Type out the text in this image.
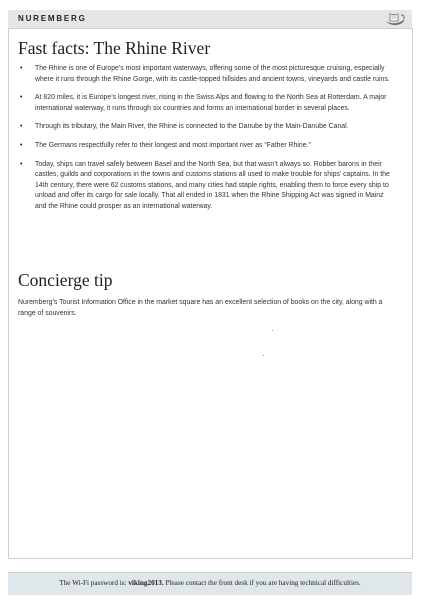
NUREMBERG
Fast facts: The Rhine River
• The Rhine is one of Europe’s most important waterways, offering some of the most picturesque cruising, especially where it runs through the Rhine Gorge, with its castle-topped hillsides and ancient towns, vineyards and castle ruins.
• At 820 miles, it is Europe’s longest river, rising in the Swiss Alps and flowing to the North Sea at Rotterdam. A major international waterway, it runs through six countries and forms an international border in several places.
• Through its tributary, the Main River, the Rhine is connected to the Danube by the Main-Danube Canal.
• The Germans respectfully refer to their longest and most important river as “Father Rhine.”
• Today, ships can travel safely between Basel and the North Sea, but that wasn’t always so. Robber barons in their castles, guilds and corporations in the towns and customs stations all used to make trouble for ships’ captains. In the 14th century, there were 62 customs stations, and many cities had staple rights, enabling them to force every ship to unload and offer its cargo for sale locally. That all ended in 1831 when the Rhine Shipping Act was signed in Mainz and the Rhine could prosper as an international waterway.
Concierge tip

Nuremberg’s Tourist Information Office in the market square has an excellent selection of books on the city, along with a range of souvenirs.

The Wi-Fi password is: viking2013. Please contact the front desk if you are having technical difficulties.
